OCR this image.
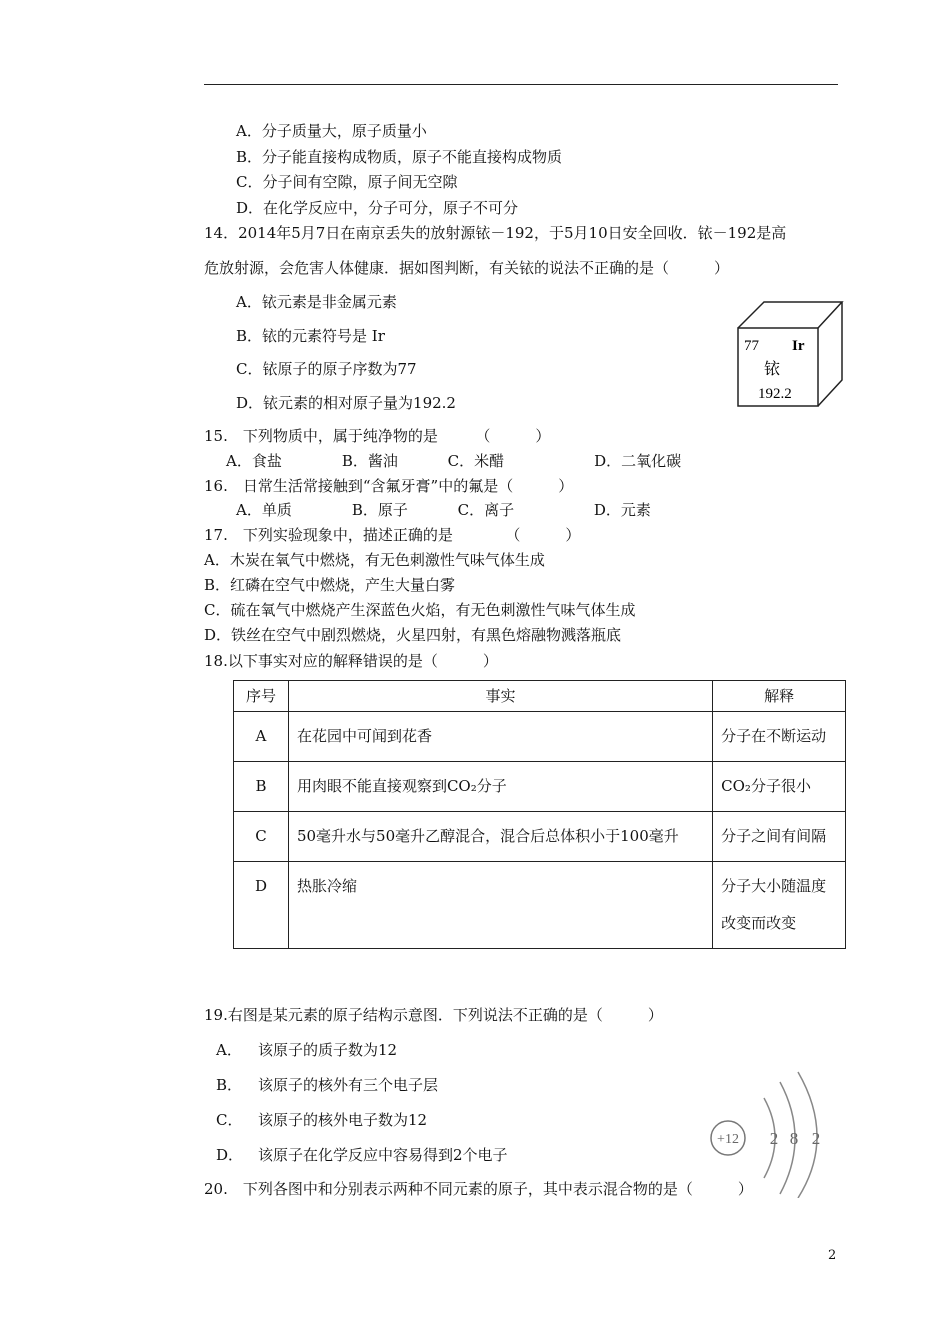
A．分子质量大，原子质量小
B．分子能直接构成物质，原子不能直接构成物质
C．分子间有空隙，原子间无空隙
D．在化学反应中，分子可分，原子不可分
14．2014年5月7日在南京丢失的放射源铱－192，于5月10日安全回收．铱－192是高
危放射源，会危害人体健康．据如图判断，有关铱的说法不正确的是（　　　）
A．铱元素是非金属元素
B．铱的元素符号是 Ir
C．铱原子的原子序数为77
D．铱元素的相对原子量为192.2
77 Ir
铱
192.2
15.　下列物质中，属于纯净物的是　　　（　　　）
A．食盐　　　　B．酱油　　　 C．米醋　　　　　　D．二氧化碳
16.　日常生活常接触到“含氟牙膏”中的氟是（　　　）
A．单质　　　　B．原子　　　 C．离子　　　　　 D．元素
17.　下列实验现象中，描述正确的是　　　　（　　　）
A．木炭在氧气中燃烧，有无色刺激性气味气体生成
B．红磷在空气中燃烧，产生大量白雾
C．硫在氧气中燃烧产生深蓝色火焰，有无色刺激性气味气体生成
D．铁丝在空气中剧烈燃烧，火星四射，有黑色熔融物溅落瓶底
18.以下事实对应的解释错误的是（　　　）
序号	事实	解释
A	在花园中可闻到花香	分子在不断运动
B	用肉眼不能直接观察到CO₂分子	CO₂分子很小
C	50毫升水与50毫升乙醇混合，混合后总体积小于100毫升	分子之间有间隔
D	热胀冷缩	分子大小随温度改变而改变
19.右图是某元素的原子结构示意图．下列说法不正确的是（　　　）
A． 该原子的质子数为12
B． 该原子的核外有三个电子层
C． 该原子的核外电子数为12
D． 该原子在化学反应中容易得到2个电子
+12 2 8 2
20.　下列各图中和分别表示两种不同元素的原子，其中表示混合物的是（　　　）
2
